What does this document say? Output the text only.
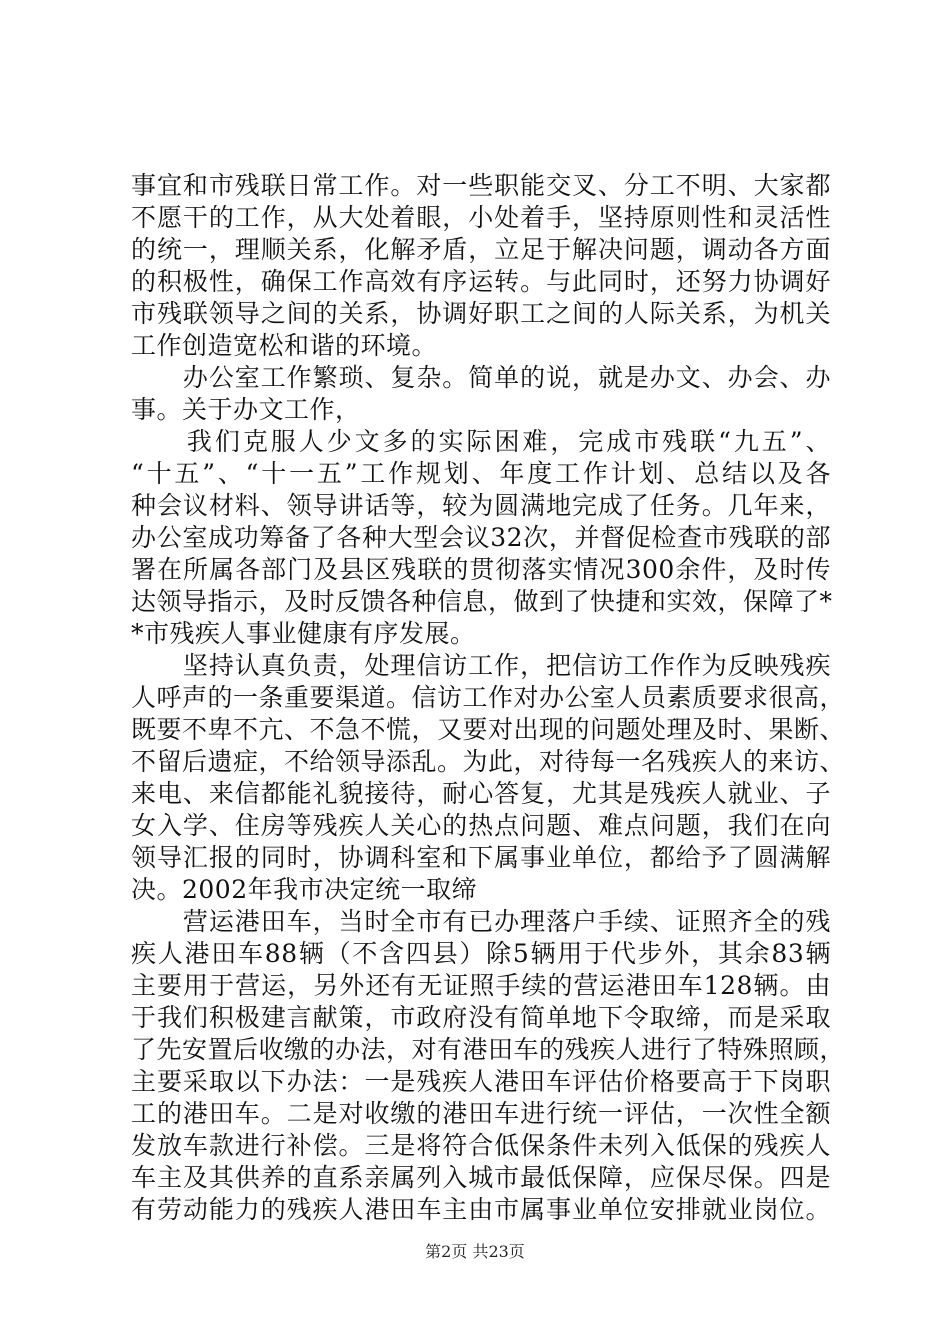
事宜和市残联日常工作。对一些职能交叉、分工不明、大家都
不愿干的工作，从大处着眼，小处着手，坚持原则性和灵活性
的统一，理顺关系，化解矛盾，立足于解决问题，调动各方面
的积极性，确保工作高效有序运转。与此同时，还努力协调好
市残联领导之间的关系，协调好职工之间的人际关系，为机关
工作创造宽松和谐的环境。
　　办公室工作繁琐、复杂。简单的说，就是办文、办会、办
事。关于办文工作，
　　我们克服人少文多的实际困难，完成市残联“九五”、
“十五”、“十一五”工作规划、年度工作计划、总结以及各
种会议材料、领导讲话等，较为圆满地完成了任务。几年来，
办公室成功筹备了各种大型会议32次，并督促检查市残联的部
署在所属各部门及县区残联的贯彻落实情况300余件，及时传
达领导指示，及时反馈各种信息，做到了快捷和实效，保障了*
*市残疾人事业健康有序发展。
　　坚持认真负责，处理信访工作，把信访工作作为反映残疾
人呼声的一条重要渠道。信访工作对办公室人员素质要求很高，
既要不卑不亢、不急不慌，又要对出现的问题处理及时、果断、
不留后遗症，不给领导添乱。为此，对待每一名残疾人的来访、
来电、来信都能礼貌接待，耐心答复，尤其是残疾人就业、子
女入学、住房等残疾人关心的热点问题、难点问题，我们在向
领导汇报的同时，协调科室和下属事业单位，都给予了圆满解
决。2002年我市决定统一取缔
　　营运港田车，当时全市有已办理落户手续、证照齐全的残
疾人港田车88辆（不含四县）除5辆用于代步外，其余83辆
主要用于营运，另外还有无证照手续的营运港田车128辆。由
于我们积极建言献策，市政府没有简单地下令取缔，而是采取
了先安置后收缴的办法，对有港田车的残疾人进行了特殊照顾，
主要采取以下办法：一是残疾人港田车评估价格要高于下岗职
工的港田车。二是对收缴的港田车进行统一评估，一次性全额
发放车款进行补偿。三是将符合低保条件未列入低保的残疾人
车主及其供养的直系亲属列入城市最低保障，应保尽保。四是
有劳动能力的残疾人港田车主由市属事业单位安排就业岗位。
第2页 共23页
